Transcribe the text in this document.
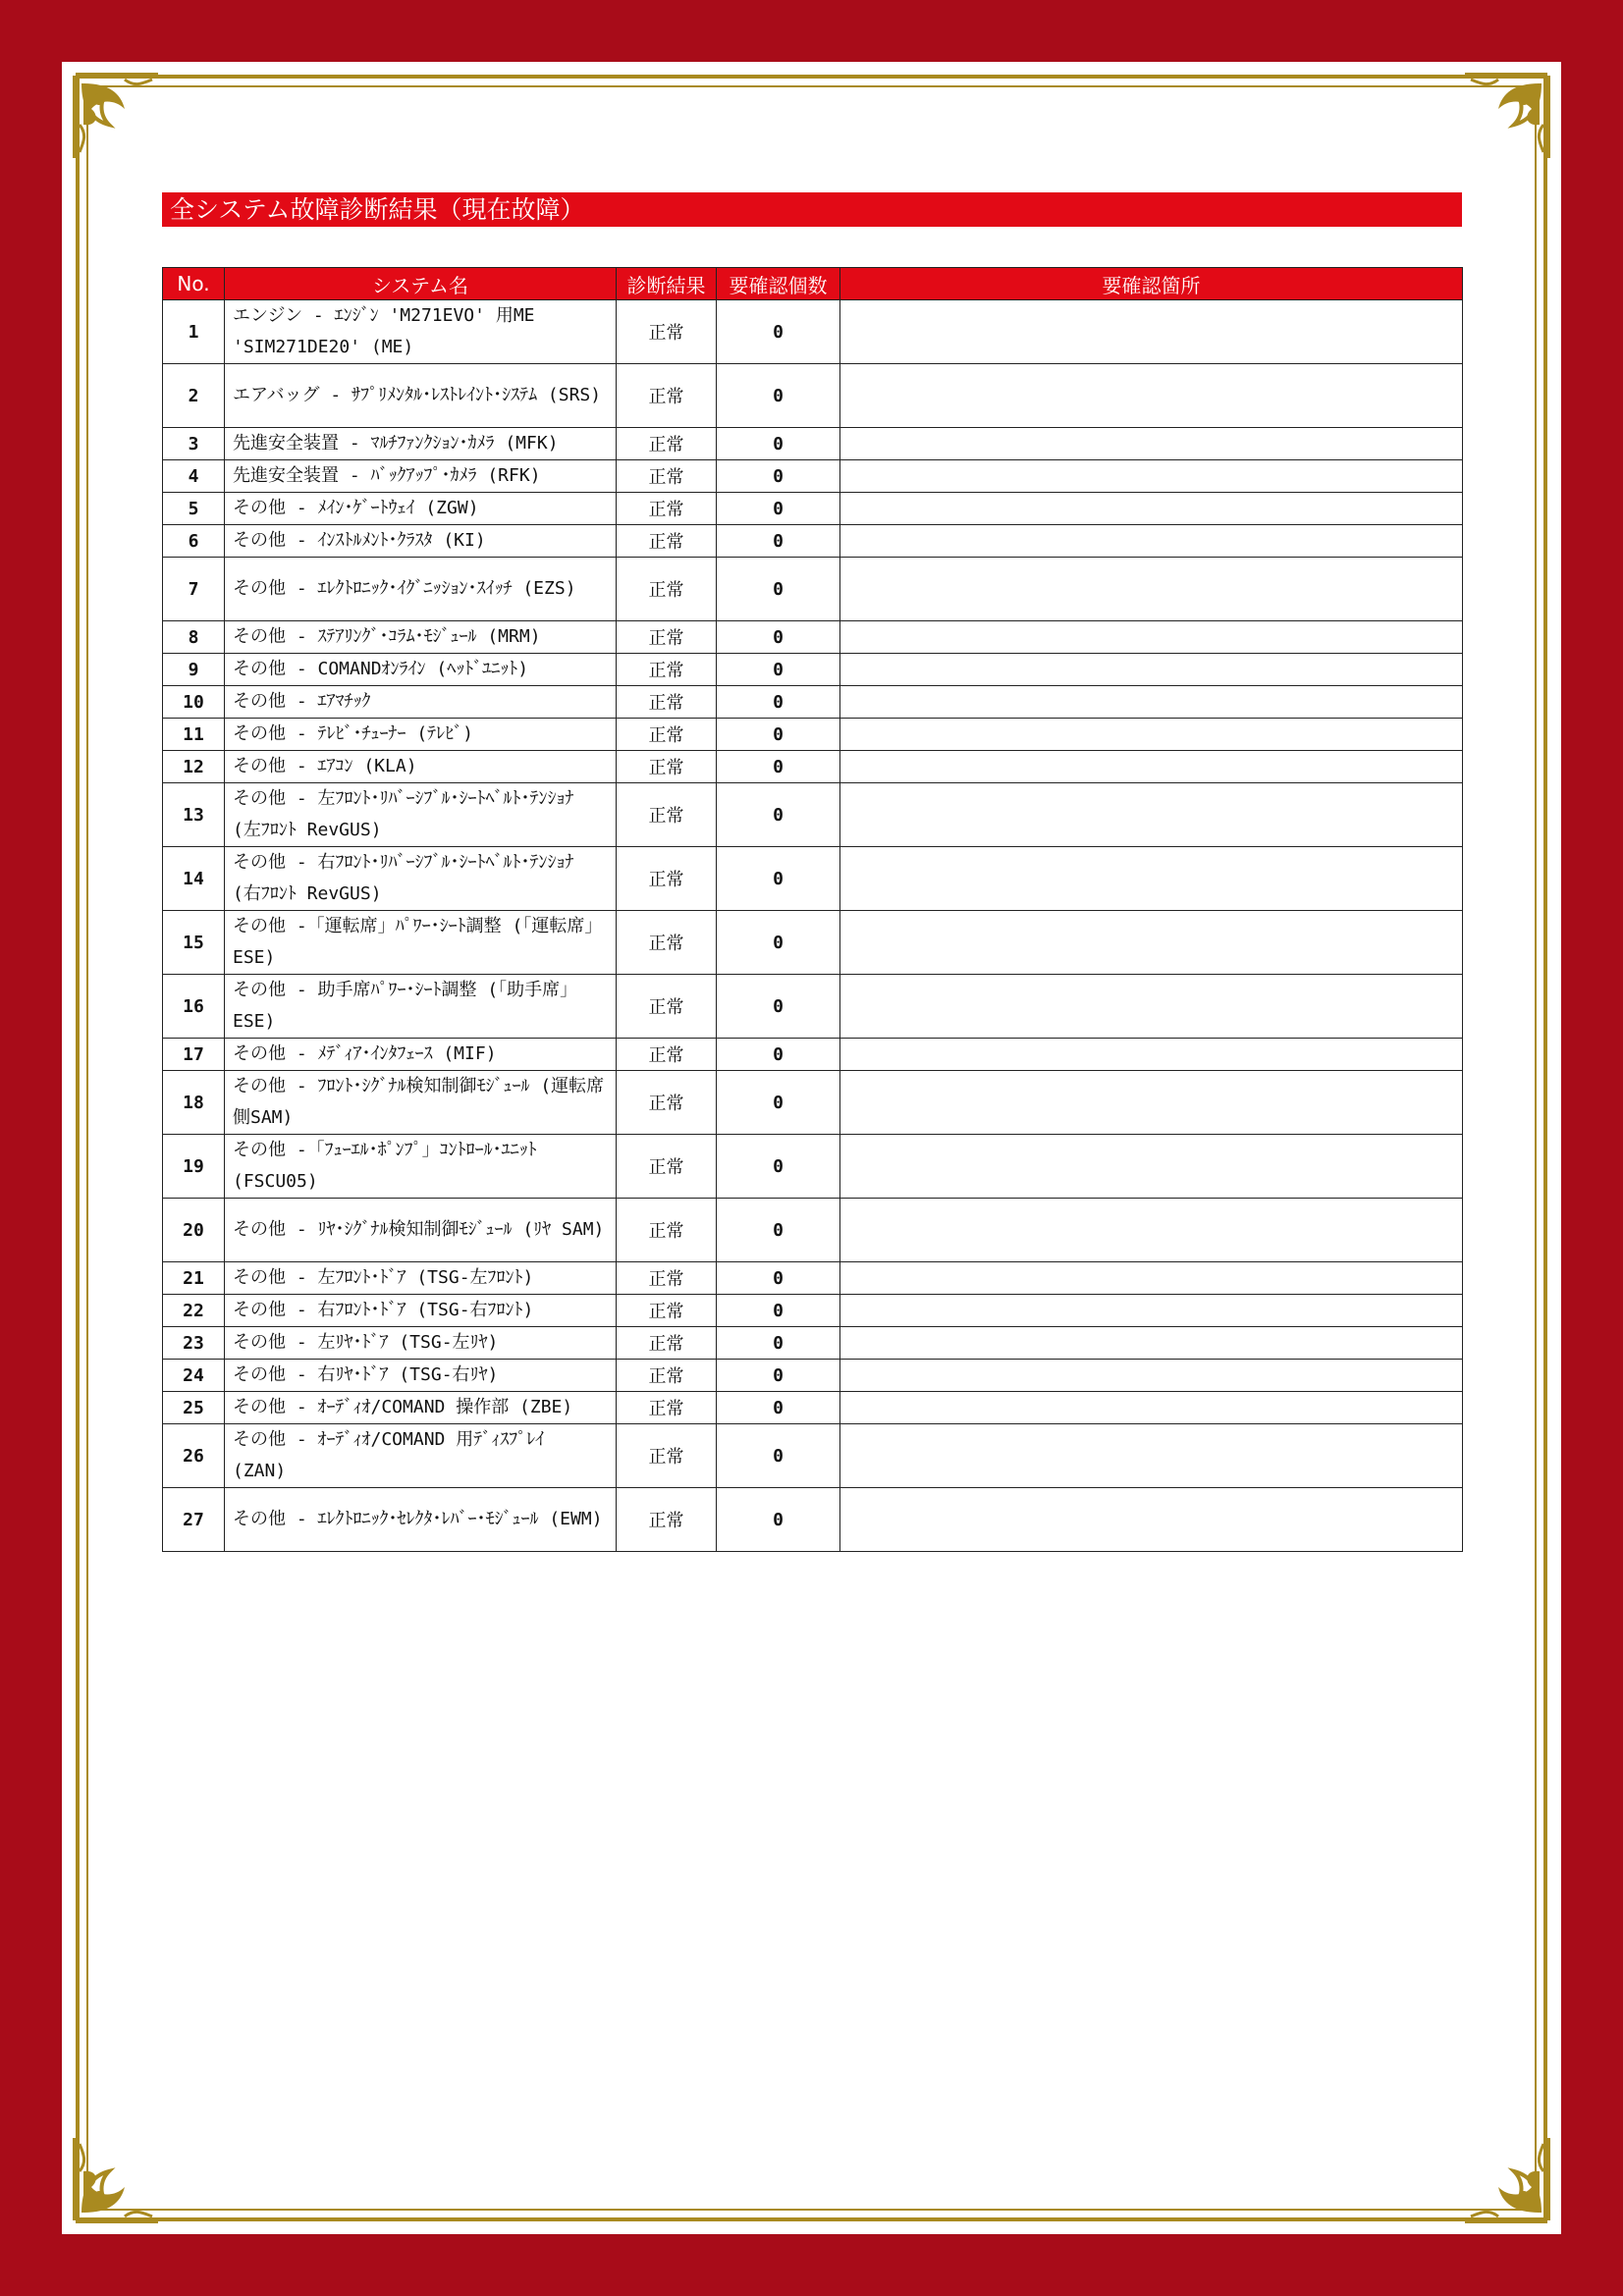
全システム故障診断結果（現在故障）
No.	システム名	診断結果	要確認個数	要確認箇所
1	エンジン - ｴﾝｼﾞﾝ 'M271EVO' 用ME 'SIM271DE20' (ME)	正常	0	
2	エアバッグ - ｻﾌﾟﾘﾒﾝﾀﾙ･ﾚｽﾄﾚｲﾝﾄ･ｼｽﾃﾑ (SRS)	正常	0	
3	先進安全装置 - ﾏﾙﾁﾌｧﾝｸｼｮﾝ･ｶﾒﾗ (MFK)	正常	0	
4	先進安全装置 - ﾊﾞｯｸｱｯﾌﾟ･ｶﾒﾗ (RFK)	正常	0	
5	その他 - ﾒｲﾝ･ｹﾞｰﾄｳｪｲ (ZGW)	正常	0	
6	その他 - ｲﾝｽﾄﾙﾒﾝﾄ･ｸﾗｽﾀ (KI)	正常	0	
7	その他 - ｴﾚｸﾄﾛﾆｯｸ･ｲｸﾞﾆｯｼｮﾝ･ｽｲｯﾁ (EZS)	正常	0	
8	その他 - ｽﾃｱﾘﾝｸﾞ･ｺﾗﾑ･ﾓｼﾞｭｰﾙ (MRM)	正常	0	
9	その他 - COMANDｵﾝﾗｲﾝ (ﾍｯﾄﾞﾕﾆｯﾄ)	正常	0	
10	その他 - ｴｱﾏﾁｯｸ	正常	0	
11	その他 - ﾃﾚﾋﾞ･ﾁｭｰﾅｰ (ﾃﾚﾋﾞ)	正常	0	
12	その他 - ｴｱｺﾝ (KLA)	正常	0	
13	その他 - 左ﾌﾛﾝﾄ･ﾘﾊﾞｰｼﾌﾞﾙ･ｼｰﾄﾍﾞﾙﾄ･ﾃﾝｼｮﾅ (左ﾌﾛﾝﾄ RevGUS)	正常	0	
14	その他 - 右ﾌﾛﾝﾄ･ﾘﾊﾞｰｼﾌﾞﾙ･ｼｰﾄﾍﾞﾙﾄ･ﾃﾝｼｮﾅ (右ﾌﾛﾝﾄ RevGUS)	正常	0	
15	その他 -「運転席」ﾊﾟﾜｰ･ｼｰﾄ調整 (「運転席」ESE)	正常	0	
16	その他 - 助手席ﾊﾟﾜｰ･ｼｰﾄ調整 (「助手席」ESE)	正常	0	
17	その他 - ﾒﾃﾞｨｱ･ｲﾝﾀﾌｪｰｽ (MIF)	正常	0	
18	その他 - ﾌﾛﾝﾄ･ｼｸﾞﾅﾙ検知制御ﾓｼﾞｭｰﾙ (運転席側SAM)	正常	0	
19	その他 -「ﾌｭｰｴﾙ･ﾎﾟﾝﾌﾟ」ｺﾝﾄﾛｰﾙ･ﾕﾆｯﾄ (FSCU05)	正常	0	
20	その他 - ﾘﾔ･ｼｸﾞﾅﾙ検知制御ﾓｼﾞｭｰﾙ (ﾘﾔ SAM)	正常	0	
21	その他 - 左ﾌﾛﾝﾄ･ﾄﾞｱ (TSG-左ﾌﾛﾝﾄ)	正常	0	
22	その他 - 右ﾌﾛﾝﾄ･ﾄﾞｱ (TSG-右ﾌﾛﾝﾄ)	正常	0	
23	その他 - 左ﾘﾔ･ﾄﾞｱ (TSG-左ﾘﾔ)	正常	0	
24	その他 - 右ﾘﾔ･ﾄﾞｱ (TSG-右ﾘﾔ)	正常	0	
25	その他 - ｵｰﾃﾞｨｵ/COMAND 操作部 (ZBE)	正常	0	
26	その他 - ｵｰﾃﾞｨｵ/COMAND 用ﾃﾞｨｽﾌﾟﾚｲ (ZAN)	正常	0	
27	その他 - ｴﾚｸﾄﾛﾆｯｸ･ｾﾚｸﾀ･ﾚﾊﾞｰ･ﾓｼﾞｭｰﾙ (EWM)	正常	0	
